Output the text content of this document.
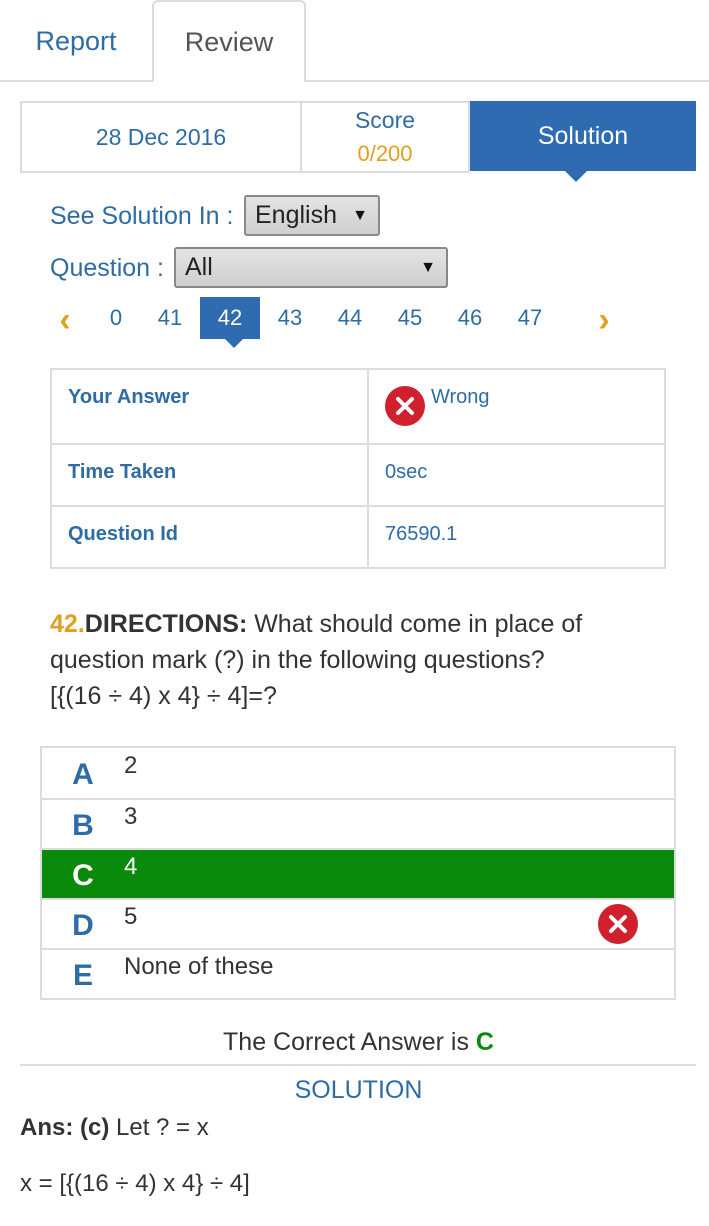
Report	Review
28 Dec 2016
Score
0/200
Solution
See Solution In : English ▼
Question : All	▼
‹	0	41	42	43	44	45	46	47	›
Your Answer	Wrong

Time Taken	0sec
Question Id	76590.1
42.DIRECTIONS: What should come in place of question mark (?) in the following questions?
[{(16 ÷ 4) x 4} ÷ 4]=?
A	2
B	3
C	4
D	5
E	None of these
The Correct Answer is C
SOLUTION
Ans: (c) Let ? = x
x = [{(16 ÷ 4) x 4} ÷ 4]
